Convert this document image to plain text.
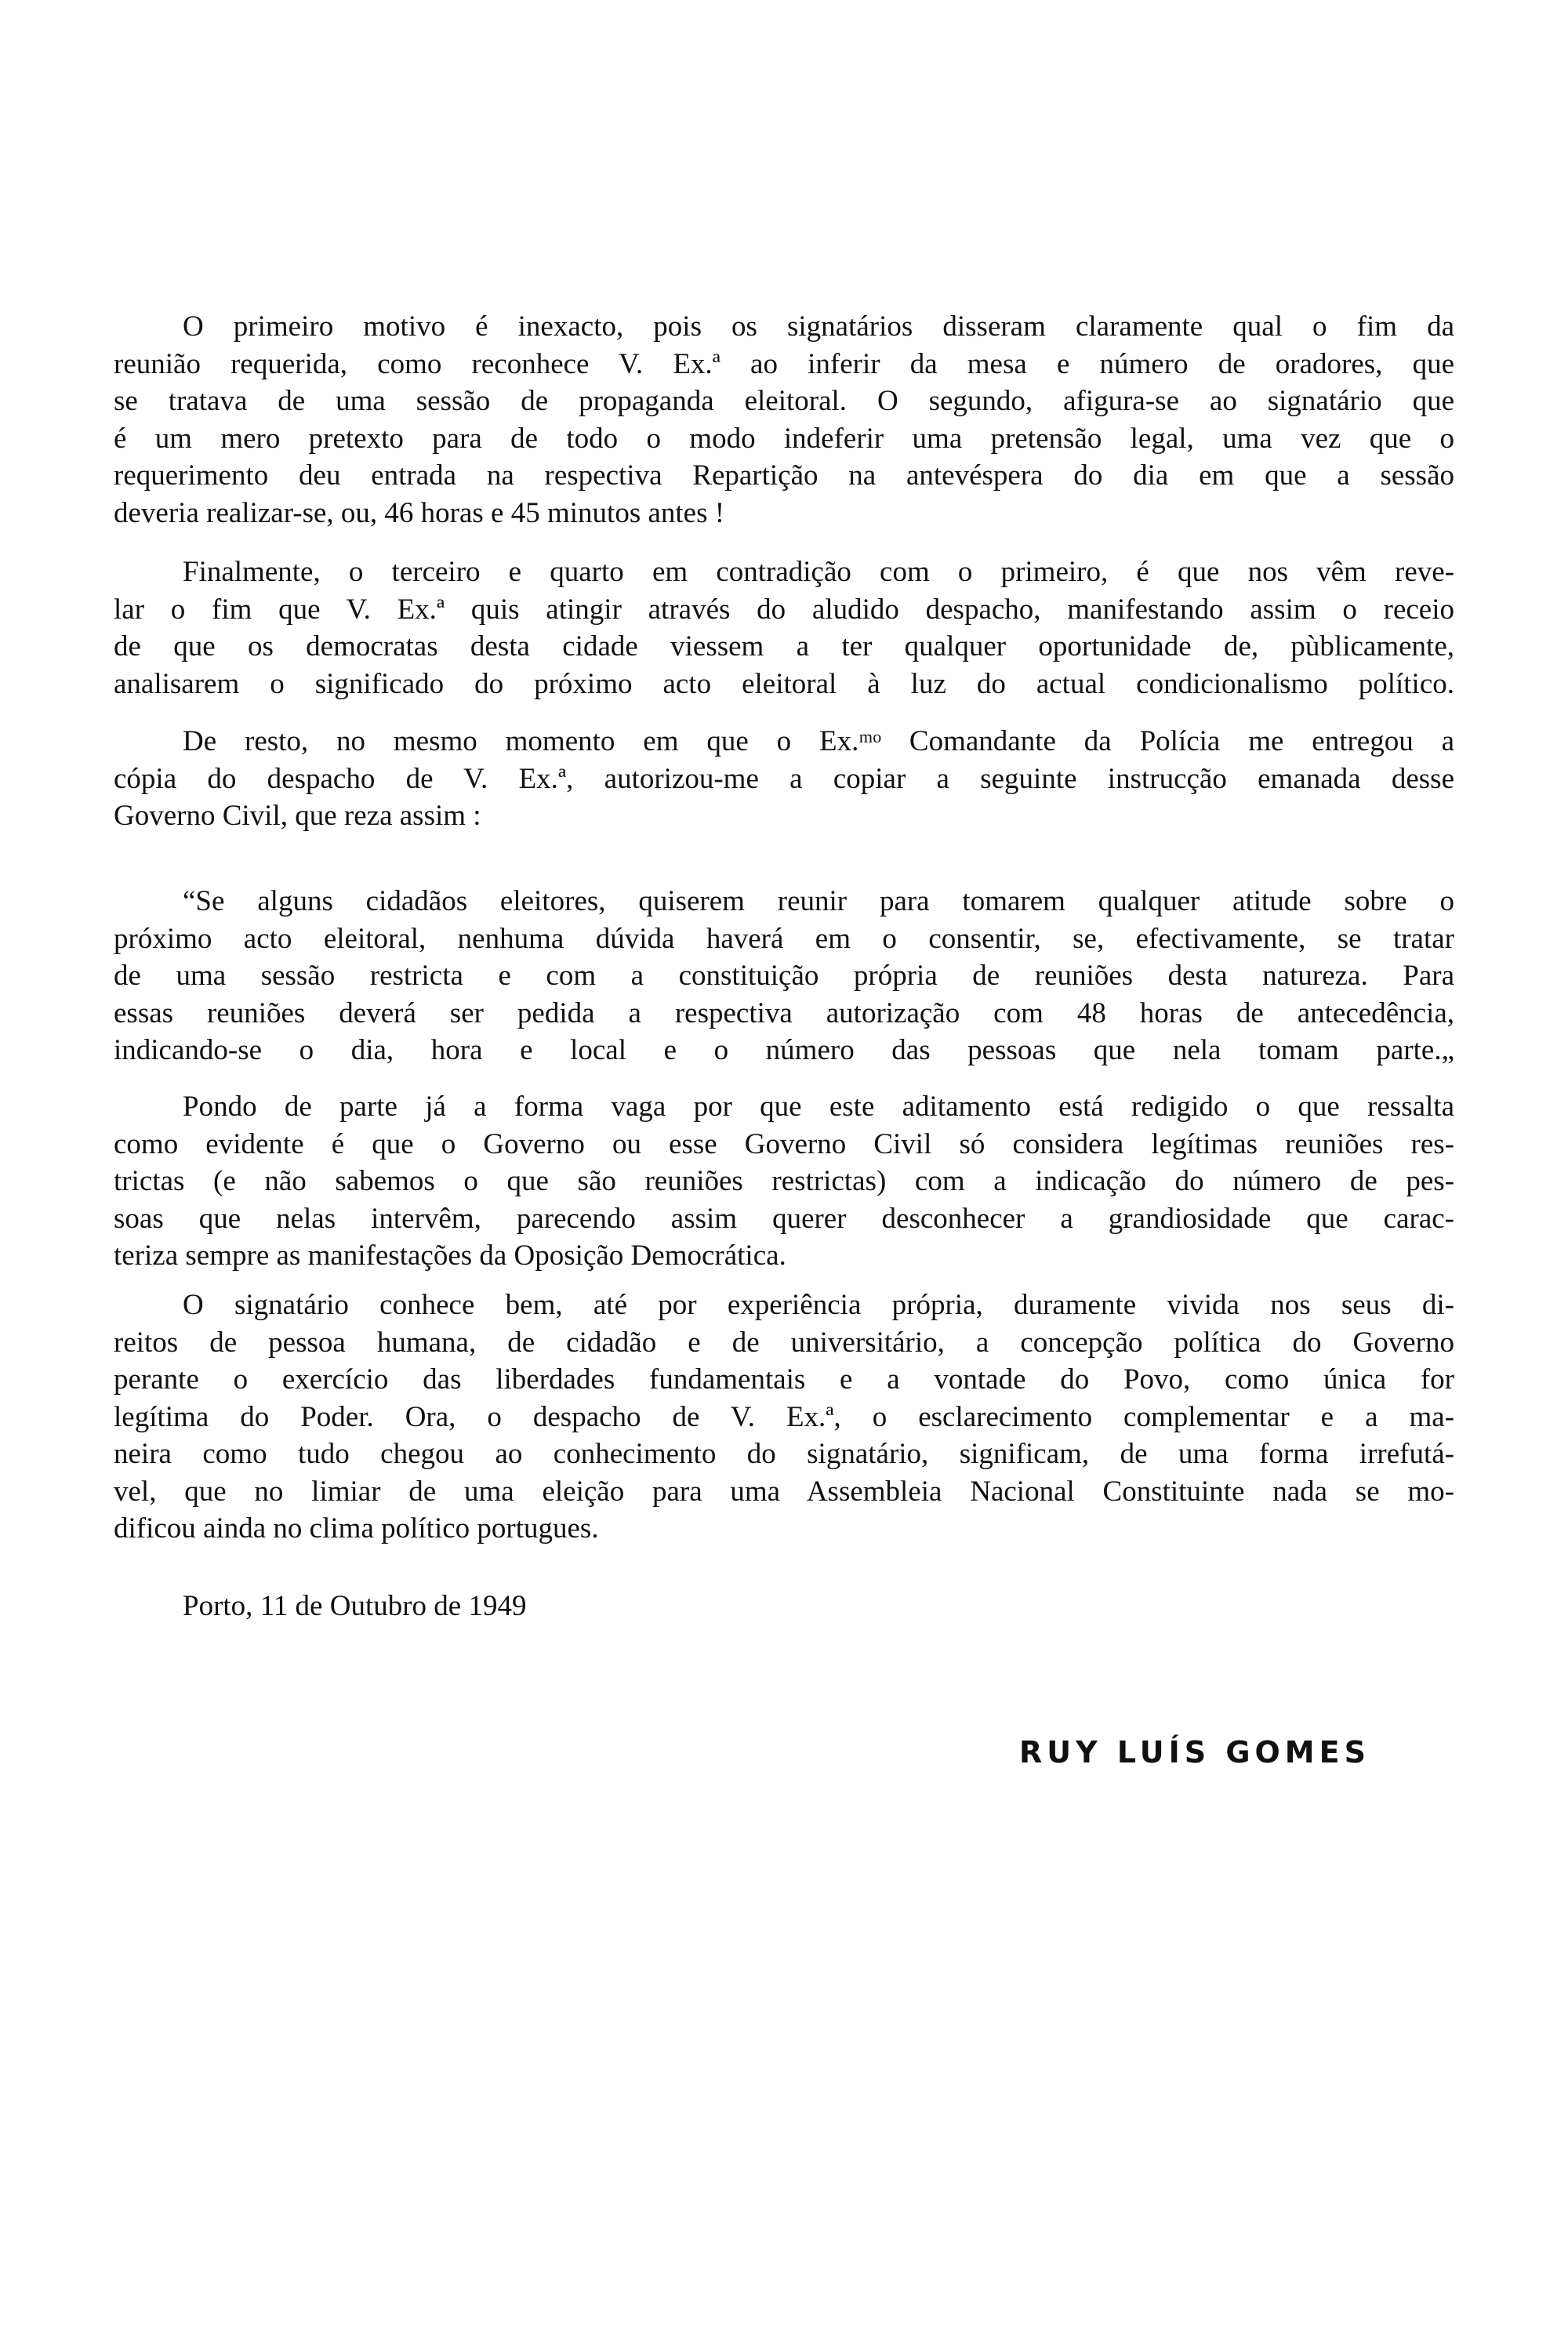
O primeiro motivo é inexacto, pois os signatários disseram claramente qual o fim da
reunião requerida, como reconhece V. Ex.ª ao inferir da mesa e número de oradores, que
se tratava de uma sessão de propaganda eleitoral. O segundo, afigura-se ao signatário que
é um mero pretexto para de todo o modo indeferir uma pretensão legal, uma vez que o
requerimento deu entrada na respectiva Repartição na antevéspera do dia em que a sessão
deveria realizar-se, ou, 46 horas e 45 minutos antes !
Finalmente, o terceiro e quarto em contradição com o primeiro, é que nos vêm reve-
lar o fim que V. Ex.ª quis atingir através do aludido despacho, manifestando assim o receio
de que os democratas desta cidade viessem a ter qualquer oportunidade de, pùblicamente,
analisarem o significado do próximo acto eleitoral à luz do actual condicionalismo político.
De resto, no mesmo momento em que o Ex.ᵐᵒ Comandante da Polícia me entregou a
cópia do despacho de V. Ex.ª, autorizou-me a copiar a seguinte instrucção emanada desse
Governo Civil, que reza assim :
“Se alguns cidadãos eleitores, quiserem reunir para tomarem qualquer atitude sobre o
próximo acto eleitoral, nenhuma dúvida haverá em o consentir, se, efectivamente, se tratar
de uma sessão restricta e com a constituição própria de reuniões desta natureza. Para
essas reuniões deverá ser pedida a respectiva autorização com 48 horas de antecedência,
indicando-se o dia, hora e local e o número das pessoas que nela tomam parte.„
Pondo de parte já a forma vaga por que este aditamento está redigido o que ressalta
como evidente é que o Governo ou esse Governo Civil só considera legítimas reuniões res-
trictas (e não sabemos o que são reuniões restrictas) com a indicação do número de pes-
soas que nelas intervêm, parecendo assim querer desconhecer a grandiosidade que carac-
teriza sempre as manifestações da Oposição Democrática.
O signatário conhece bem, até por experiência própria, duramente vivida nos seus di-
reitos de pessoa humana, de cidadão e de universitário, a concepção política do Governo
perante o exercício das liberdades fundamentais e a vontade do Povo, como única for
legítima do Poder. Ora, o despacho de V. Ex.ª, o esclarecimento complementar e a ma-
neira como tudo chegou ao conhecimento do signatário, significam, de uma forma irrefutá-
vel, que no limiar de uma eleição para uma Assembleia Nacional Constituinte nada se mo-
dificou ainda no clima político portugues.
Porto, 11 de Outubro de 1949
RUY LUÍS GOMES
